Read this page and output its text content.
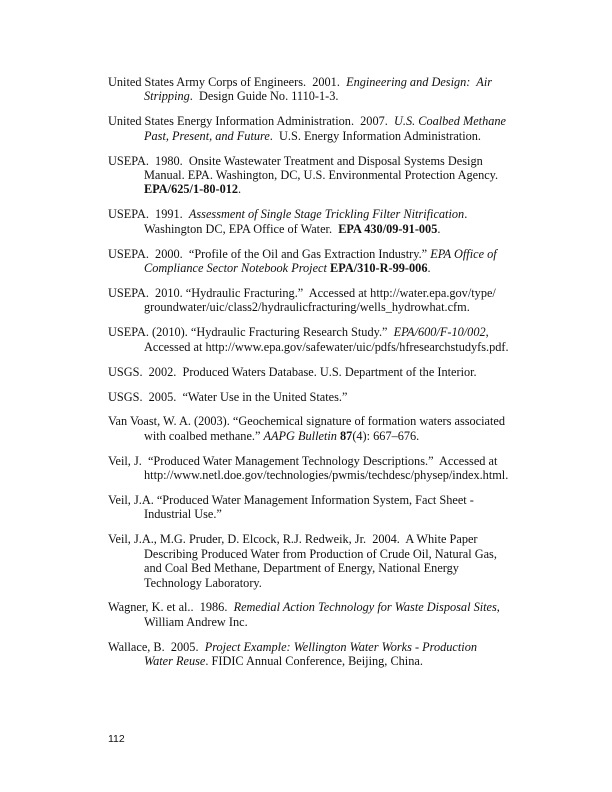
United States Army Corps of Engineers.  2001.  Engineering and Design:  Air
Stripping.  Design Guide No. 1110-1-3.
United States Energy Information Administration.  2007.  U.S. Coalbed Methane
Past, Present, and Future.  U.S. Energy Information Administration.
USEPA.  1980.  Onsite Wastewater Treatment and Disposal Systems Design
Manual. EPA. Washington, DC, U.S. Environmental Protection Agency.
EPA/625/1-80-012.
USEPA.  1991.  Assessment of Single Stage Trickling Filter Nitrification.
Washington DC, EPA Office of Water.  EPA 430/09-91-005.
USEPA.  2000.  “Profile of the Oil and Gas Extraction Industry.” EPA Office of
Compliance Sector Notebook Project EPA/310-R-99-006.
USEPA.  2010. “Hydraulic Fracturing.”  Accessed at http://water.epa.gov/type/
groundwater/uic/class2/hydraulicfracturing/wells_hydrowhat.cfm.
USEPA. (2010). “Hydraulic Fracturing Research Study.”  EPA/600/F-10/002,
Accessed at http://www.epa.gov/safewater/uic/pdfs/hfresearchstudyfs.pdf.
USGS.  2002.  Produced Waters Database. U.S. Department of the Interior.
USGS.  2005.  “Water Use in the United States.”
Van Voast, W. A. (2003). “Geochemical signature of formation waters associated
with coalbed methane.” AAPG Bulletin 87(4): 667–676.
Veil, J.  “Produced Water Management Technology Descriptions.”  Accessed at
http://www.netl.doe.gov/technologies/pwmis/techdesc/physep/index.html.
Veil, J.A. “Produced Water Management Information System, Fact Sheet -
Industrial Use.”
Veil, J.A., M.G. Pruder, D. Elcock, R.J. Redweik, Jr.  2004.  A White Paper
Describing Produced Water from Production of Crude Oil, Natural Gas,
and Coal Bed Methane, Department of Energy, National Energy
Technology Laboratory.
Wagner, K. et al..  1986.  Remedial Action Technology for Waste Disposal Sites,
William Andrew Inc.
Wallace, B.  2005.  Project Example: Wellington Water Works - Production
Water Reuse. FIDIC Annual Conference, Beijing, China.
112
